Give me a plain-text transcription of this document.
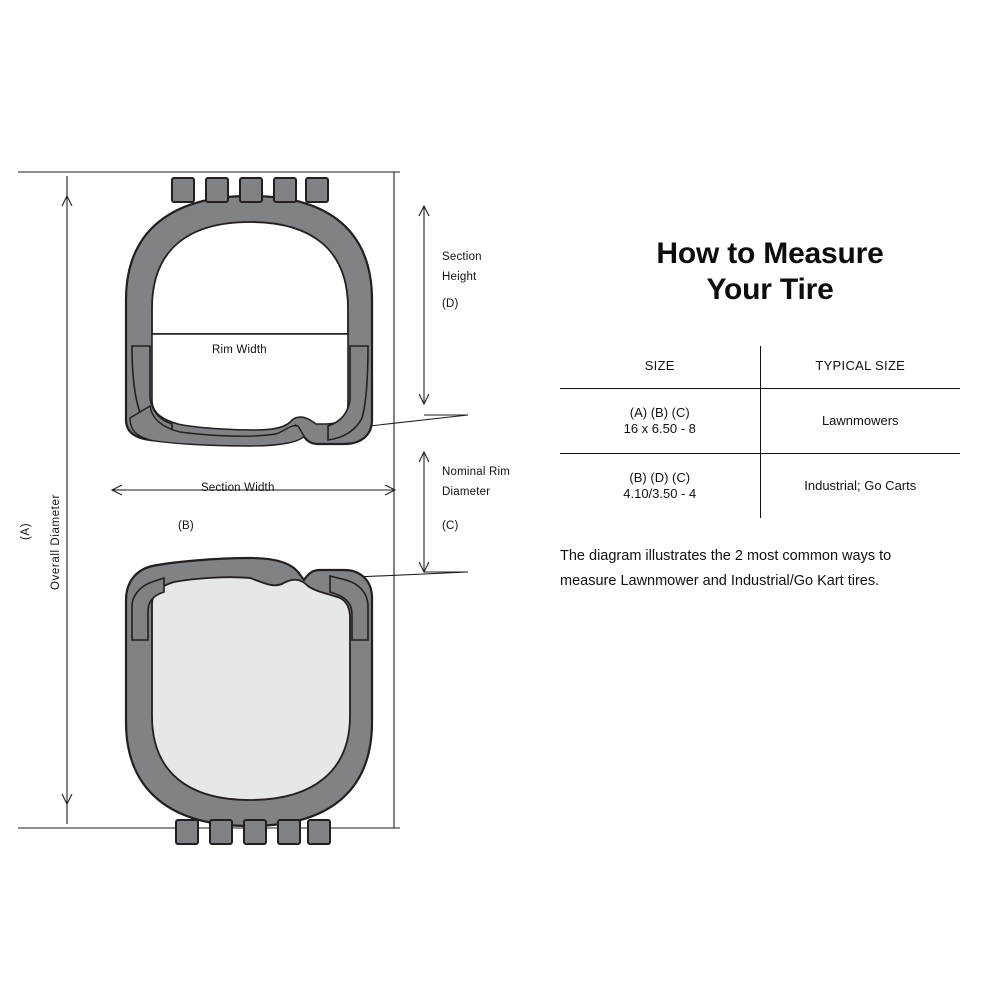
Overall Diameter
(A)
Section
Height
(D)
Rim Width
Section Width
(B)
Nominal Rim
Diameter
(C)
How to Measure
Your Tire
SIZE	TYPICAL SIZE

(A) (B) (C)
16 x 6.50 - 8	Lawnmowers

(B) (D) (C)
4.10/3.50 - 4	Industrial; Go Carts
The diagram illustrates the 2 most common ways to
measure Lawnmower and Industrial/Go Kart tires.
